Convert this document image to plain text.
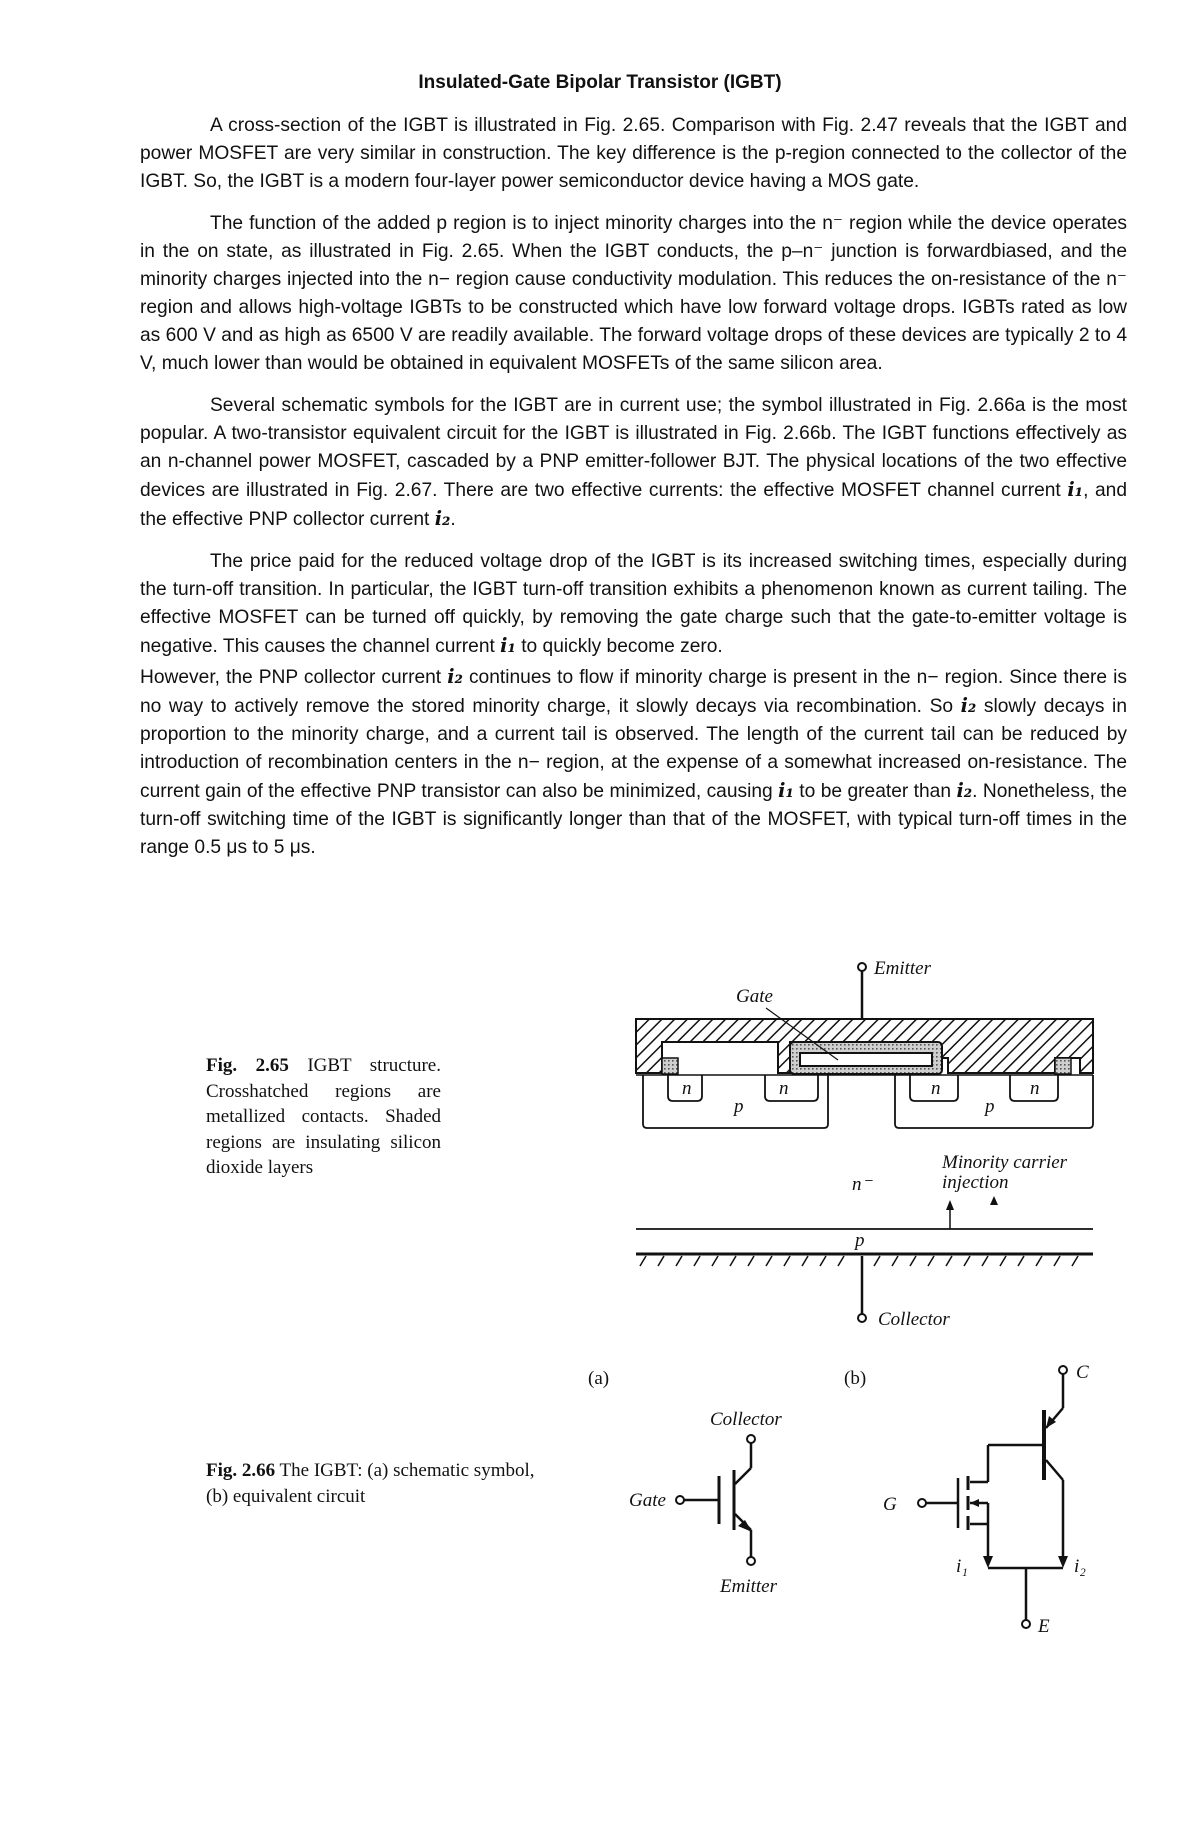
Insulated-Gate Bipolar Transistor (IGBT)

A cross-section of the IGBT is illustrated in Fig. 2.65. Comparison with Fig. 2.47 reveals that the IGBT and power MOSFET are very similar in construction. The key difference is the p-region connected to the collector of the IGBT. So, the IGBT is a modern four-layer power semiconductor device having a MOS gate.

The function of the added p region is to inject minority charges into the n⁻ region while the device operates in the on state, as illustrated in Fig. 2.65. When the IGBT conducts, the p–n⁻ junction is forwardbiased, and the minority charges injected into the n− region cause conductivity modulation. This reduces the on-resistance of the n⁻ region and allows high-voltage IGBTs to be constructed which have low forward voltage drops. IGBTs rated as low as 600 V and as high as 6500 V are readily available. The forward voltage drops of these devices are typically 2 to 4 V, much lower than would be obtained in equivalent MOSFETs of the same silicon area.

Several schematic symbols for the IGBT are in current use; the symbol illustrated in Fig. 2.66a is the most popular. A two-transistor equivalent circuit for the IGBT is illustrated in Fig. 2.66b. The IGBT functions effectively as an n-channel power MOSFET, cascaded by a PNP emitter-follower BJT. The physical locations of the two effective devices are illustrated in Fig. 2.67. There are two effective currents: the effective MOSFET channel current i₁, and the effective PNP collector current i₂.

The price paid for the reduced voltage drop of the IGBT is its increased switching times, especially during the turn-off transition. In particular, the IGBT turn-off transition exhibits a phenomenon known as current tailing. The effective MOSFET can be turned off quickly, by removing the gate charge such that the gate-to-emitter voltage is negative. This causes the channel current i₁ to quickly become zero.

However, the PNP collector current i₂ continues to flow if minority charge is present in the n− region. Since there is no way to actively remove the stored minority charge, it slowly decays via recombination. So i₂ slowly decays in proportion to the minority charge, and a current tail is observed. The length of the current tail can be reduced by introduction of recombination centers in the n− region, at the expense of a somewhat increased on-resistance. The current gain of the effective PNP transistor can also be minimized, causing i₁ to be greater than i₂. Nonetheless, the turn-off switching time of the IGBT is significantly longer than that of the MOSFET, with typical turn-off times in the range 0.5 μs to 5 μs.

Fig. 2.65 IGBT structure. Crosshatched regions are metallized contacts. Shaded regions are insulating silicon dioxide layers
Fig. 2.66 The IGBT: (a) schematic symbol, (b) equivalent circuit
Emitter
Gate
n
p
n	n
p
n
n⁻
Minority carrier
injection
p
Collector
(a)
Collector
Gate
Emitter
(b)	C
G
i₁	i₂
E
